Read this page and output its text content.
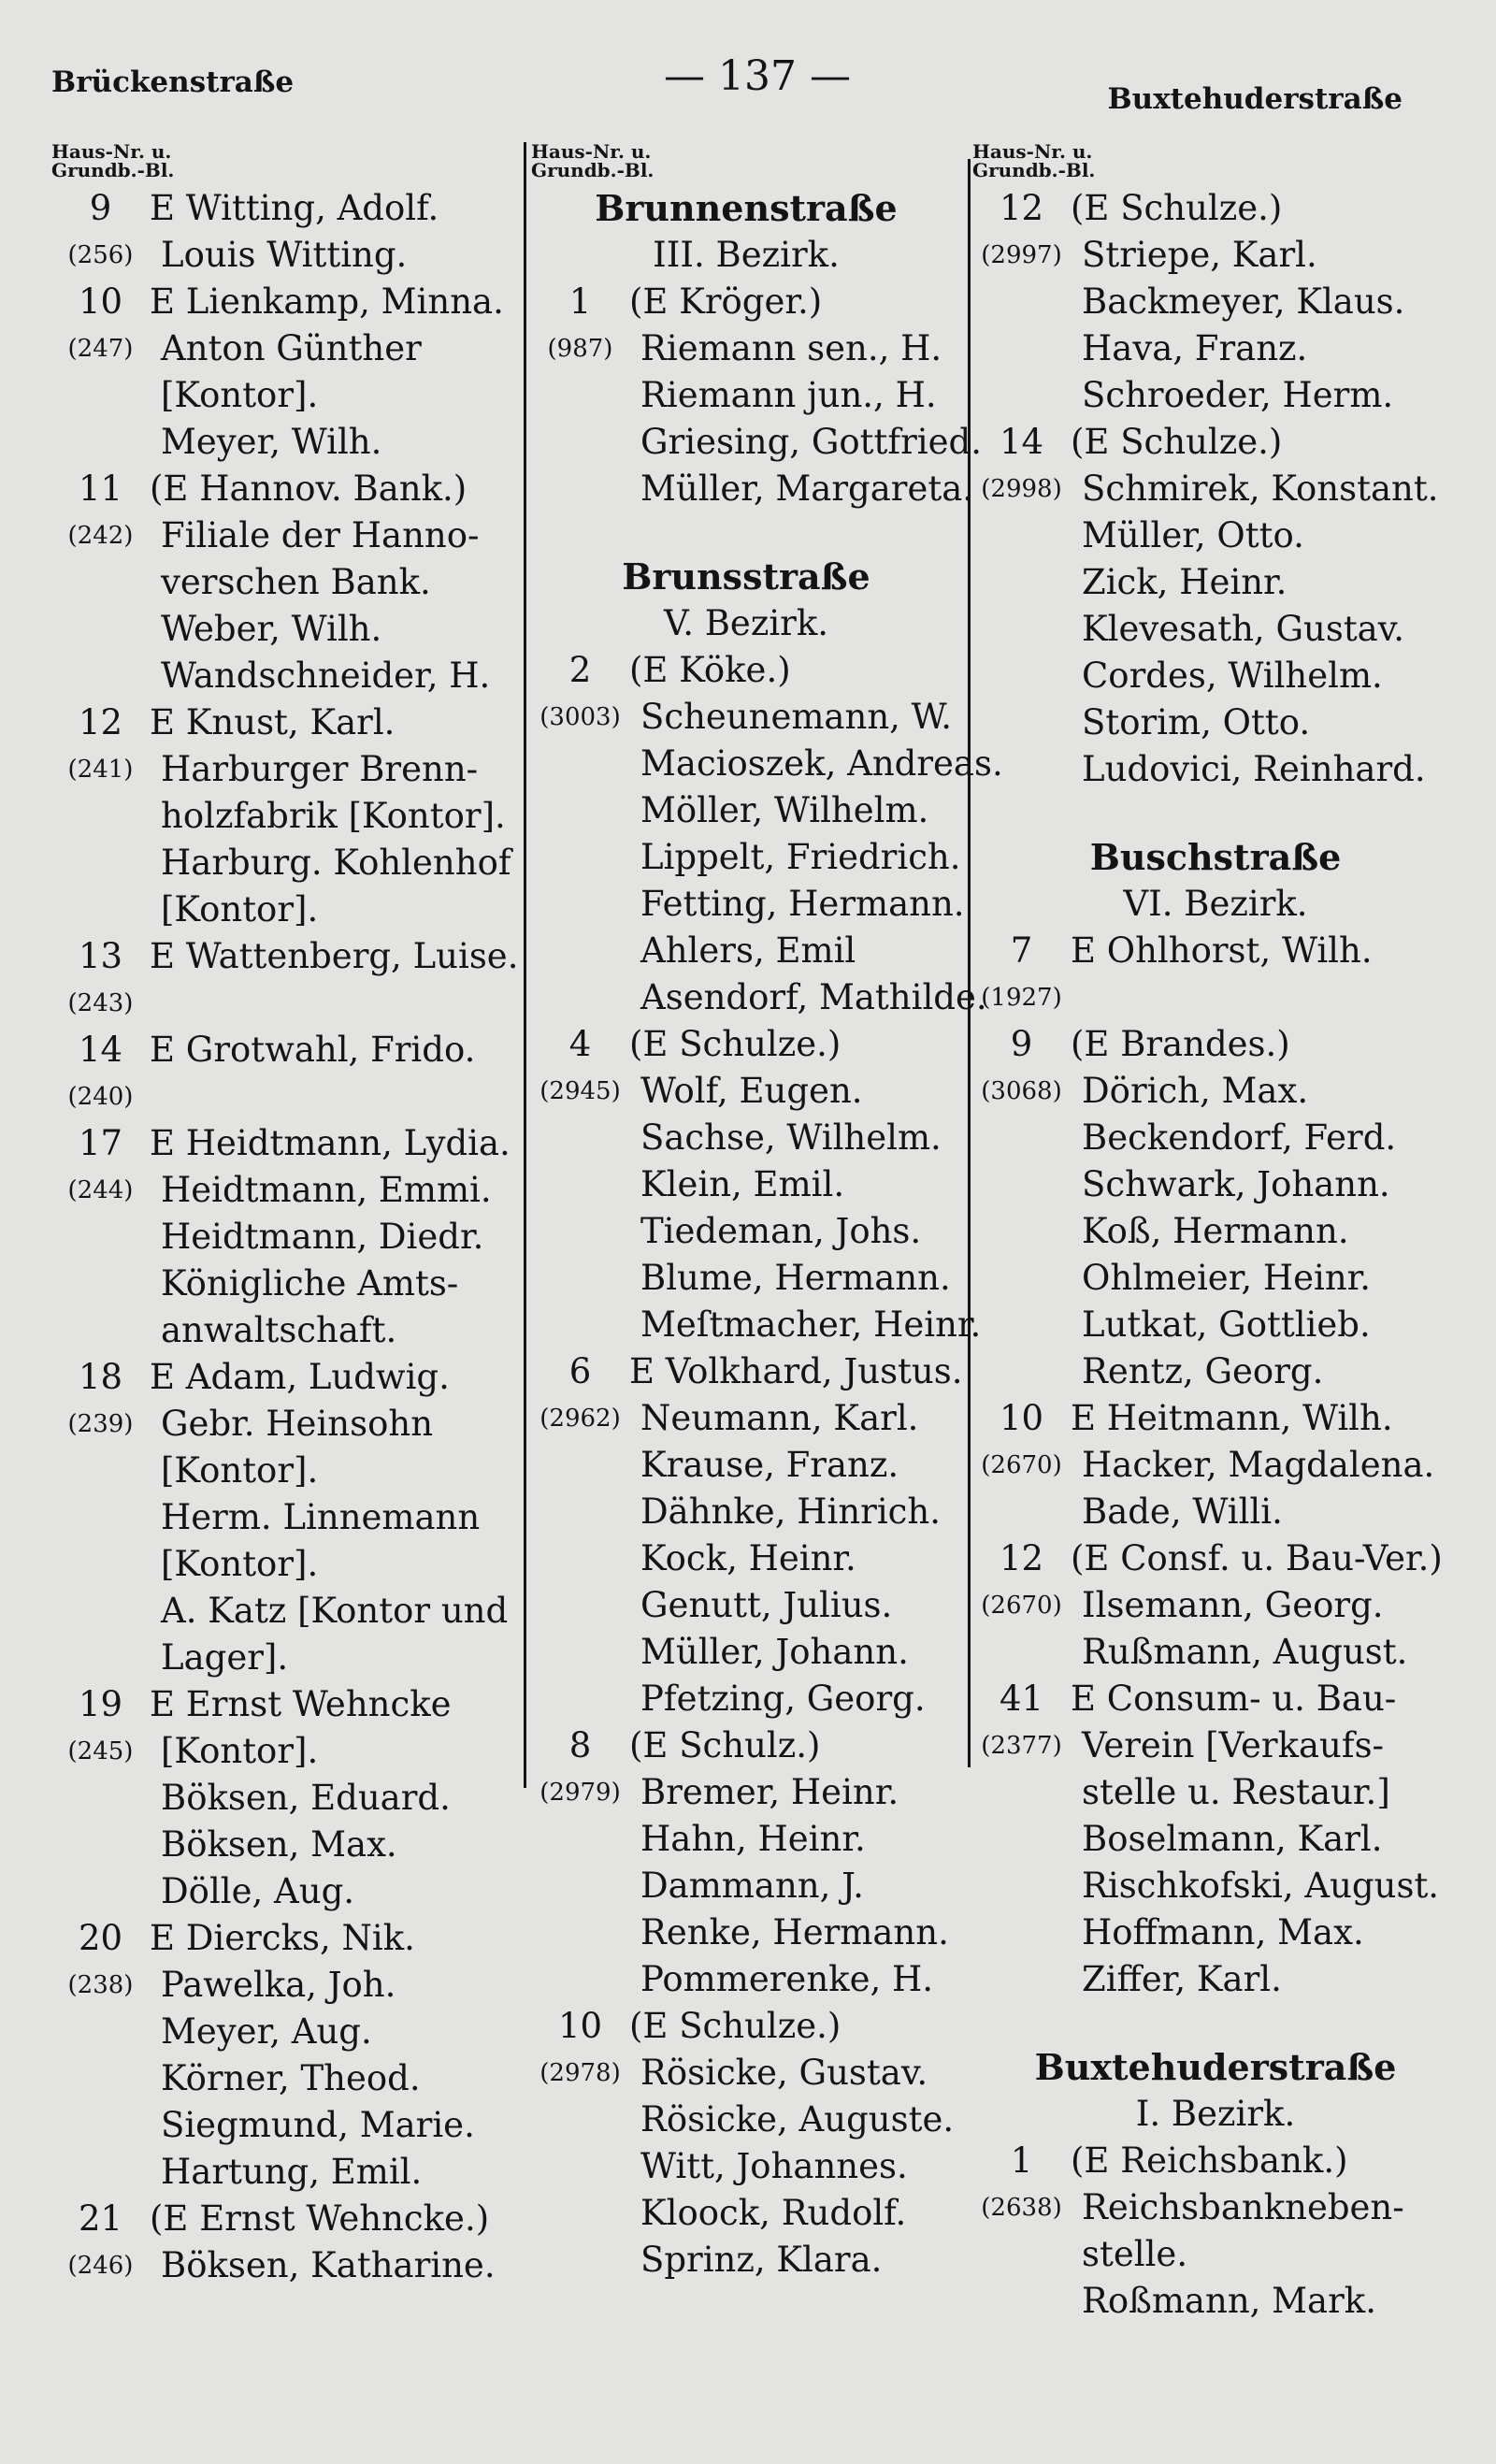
Brückenstraße	— 137 —	Buxtehuderstraße
Haus-Nr. u.
Grundb.-Bl.
9
(256)
E Witting, Adolf.
Louis Witting.
10
(247)
E Lienkamp, Minna.
Anton Günther
[Kontor].
Meyer, Wilh.
11
(242)
(E Hannov. Bank.)
Filiale der Hanno-
verschen Bank.
Weber, Wilh.
Wandschneider, H.
12
(241)
E Knust, Karl.
Harburger Brenn-
holzfabrik [Kontor].
Harburg. Kohlenhof
[Kontor].
13
(243)
E Wattenberg, Luise.

14
(240)
E Grotwahl, Frido.

17
(244)
E Heidtmann, Lydia.
Heidtmann, Emmi.
Heidtmann, Diedr.
Königliche Amts-
anwaltschaft.
18
(239)
E Adam, Ludwig.
Gebr. Heinsohn
[Kontor].
Herm. Linnemann
[Kontor].
A. Katz [Kontor und
Lager].
19
(245)
E Ernst Wehncke
[Kontor].
Böksen, Eduard.
Böksen, Max.
Dölle, Aug.
20
(238)
E Diercks, Nik.
Pawelka, Joh.
Meyer, Aug.
Körner, Theod.
Siegmund, Marie.
Hartung, Emil.
21
(246)
(E Ernst Wehncke.)
Böksen, Katharine.
Haus-Nr. u.
Grundb.-Bl.
Brunnenstraße
III. Bezirk.
1
(987)
(E Kröger.)
Riemann sen., H.
Riemann jun., H.
Griesing, Gottfried.
Müller, Margareta.
Brunsstraße
V. Bezirk.
2
(3003)
(E Köke.)
Scheunemann, W.
Macioszek, Andreas.
Möller, Wilhelm.
Lippelt, Friedrich.
Fetting, Hermann.
Ahlers, Emil
Asendorf, Mathilde.
4
(2945)
(E Schulze.)
Wolf, Eugen.
Sachse, Wilhelm.
Klein, Emil.
Tiedeman, Johs.
Blume, Hermann.
Meſtmacher, Heinr.
6
(2962)
E Volkhard, Justus.
Neumann, Karl.
Krause, Franz.
Dähnke, Hinrich.
Kock, Heinr.
Genutt, Julius.
Müller, Johann.
Pfetzing, Georg.
8
(2979)
(E Schulz.)
Bremer, Heinr.
Hahn, Heinr.
Dammann, J.
Renke, Hermann.
Pommerenke, H.
10
(2978)
(E Schulze.)
Rösicke, Gustav.
Rösicke, Auguste.
Witt, Johannes.
Kloock, Rudolf.
Sprinz, Klara.
Haus-Nr. u.
Grundb.-Bl.
12
(2997)
(E Schulze.)
Striepe, Karl.
Backmeyer, Klaus.
Hava, Franz.
Schroeder, Herm.
14
(2998)
(E Schulze.)
Schmirek, Konstant.
Müller, Otto.
Zick, Heinr.
Klevesath, Gustav.
Cordes, Wilhelm.
Storim, Otto.
Ludovici, Reinhard.
Buschstraße
VI. Bezirk.
7
(1927)
E Ohlhorst, Wilh.

9
(3068)
(E Brandes.)
Dörich, Max.
Beckendorf, Ferd.
Schwark, Johann.
Koß, Hermann.
Ohlmeier, Heinr.
Lutkat, Gottlieb.
Rentz, Georg.
10
(2670)
E Heitmann, Wilh.
Hacker, Magdalena.
Bade, Willi.
12
(2670)
(E Consf. u. Bau-Ver.)
Ilsemann, Georg.
Rußmann, August.
41
(2377)
E Consum- u. Bau-
Verein [Verkaufs-
stelle u. Restaur.]
Boselmann, Karl.
Rischkofski, August.
Hoffmann, Max.
Ziffer, Karl.
Buxtehuderstraße
I. Bezirk.
1
(2638)
(E Reichsbank.)
Reichsbankneben-
stelle.
Roßmann, Mark.
